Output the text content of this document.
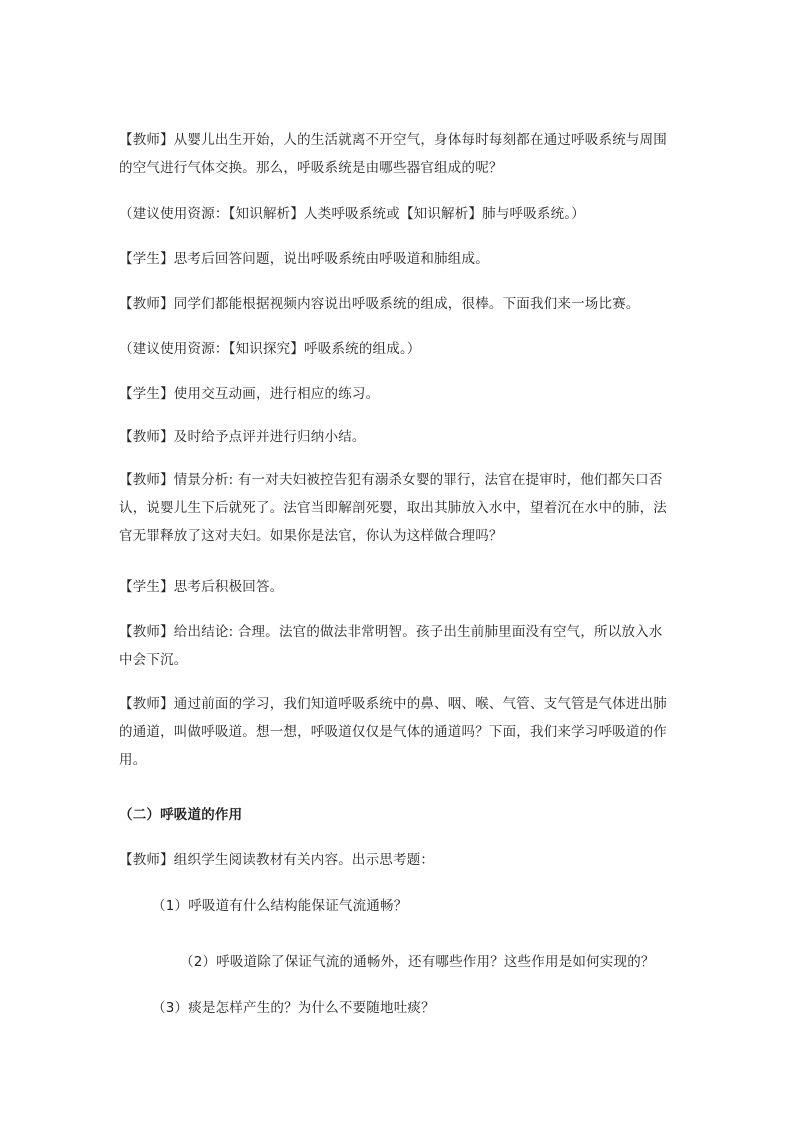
【教师】从婴儿出生开始，人的生活就离不开空气，身体每时每刻都在通过呼吸系统与周围的空气进行气体交换。那么，呼吸系统是由哪些器官组成的呢？

（建议使用资源：【知识解析】人类呼吸系统或【知识解析】肺与呼吸系统。）

【学生】思考后回答问题，说出呼吸系统由呼吸道和肺组成。

【教师】同学们都能根据视频内容说出呼吸系统的组成，很棒。下面我们来一场比赛。

（建议使用资源：【知识探究】呼吸系统的组成。）

【学生】使用交互动画，进行相应的练习。

【教师】及时给予点评并进行归纳小结。

【教师】情景分析: 有一对夫妇被控告犯有溺杀女婴的罪行，法官在提审时，他们都矢口否认，说婴儿生下后就死了。法官当即解剖死婴，取出其肺放入水中，望着沉在水中的肺，法官无罪释放了这对夫妇。如果你是法官，你认为这样做合理吗？

【学生】思考后积极回答。

【教师】给出结论: 合理。法官的做法非常明智。孩子出生前肺里面没有空气，所以放入水中会下沉。

【教师】通过前面的学习，我们知道呼吸系统中的鼻、咽、喉、气管、支气管是气体进出肺的通道，叫做呼吸道。想一想，呼吸道仅仅是气体的通道吗？下面，我们来学习呼吸道的作用。

（二）呼吸道的作用

【教师】组织学生阅读教材有关内容。出示思考题：

（1）呼吸道有什么结构能保证气流通畅？

（2）呼吸道除了保证气流的通畅外，还有哪些作用？这些作用是如何实现的？

（3）痰是怎样产生的？为什么不要随地吐痰？
